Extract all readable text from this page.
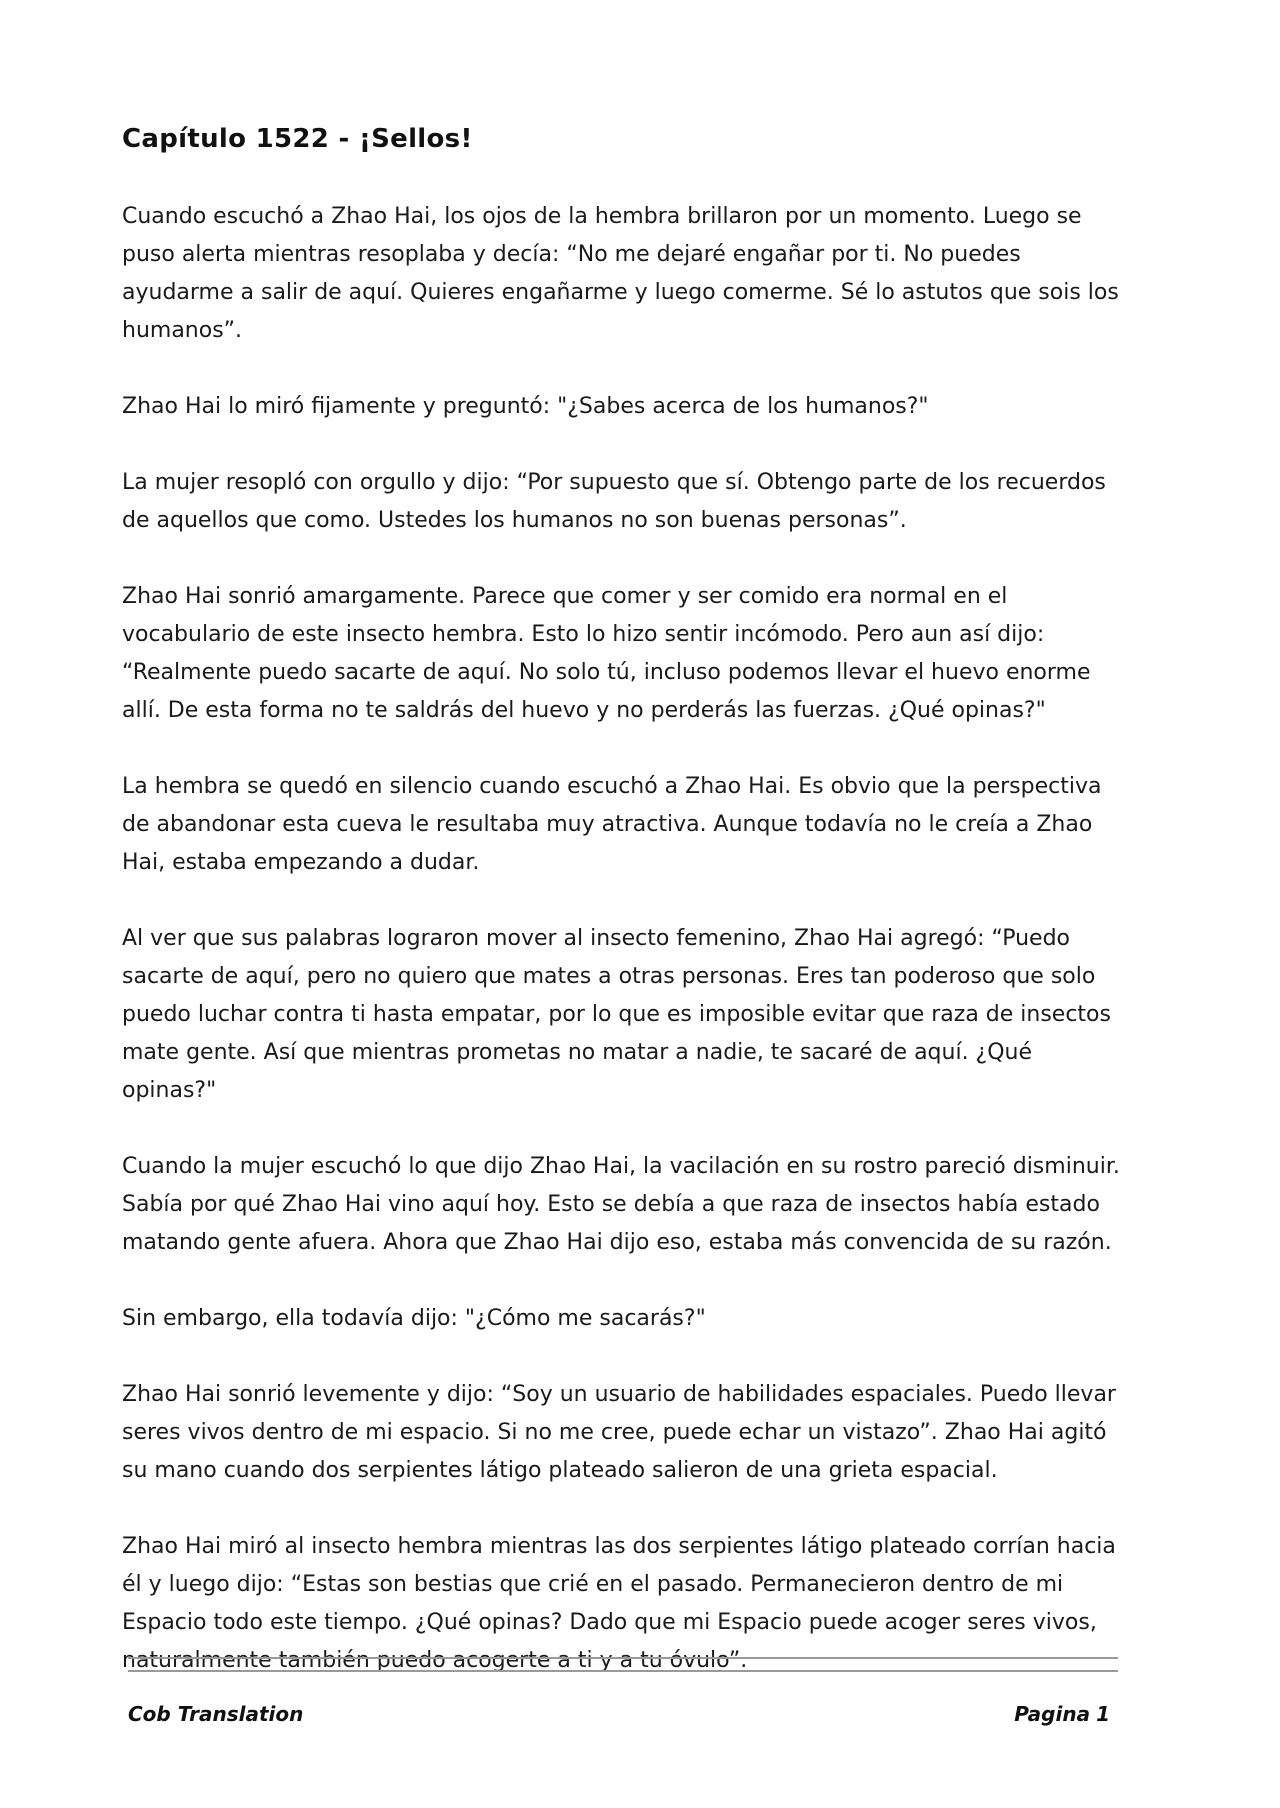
Capítulo 1522 - ¡Sellos!

Cuando escuchó a Zhao Hai, los ojos de la hembra brillaron por un momento. Luego se puso alerta mientras resoplaba y decía: “No me dejaré engañar por ti. No puedes ayudarme a salir de aquí. Quieres engañarme y luego comerme. Sé lo astutos que sois los humanos”.

Zhao Hai lo miró fijamente y preguntó: "¿Sabes acerca de los humanos?"

La mujer resopló con orgullo y dijo: “Por supuesto que sí. Obtengo parte de los recuerdos de aquellos que como. Ustedes los humanos no son buenas personas”.

Zhao Hai sonrió amargamente. Parece que comer y ser comido era normal en el vocabulario de este insecto hembra. Esto lo hizo sentir incómodo. Pero aun así dijo: “Realmente puedo sacarte de aquí. No solo tú, incluso podemos llevar el huevo enorme allí. De esta forma no te saldrás del huevo y no perderás las fuerzas. ¿Qué opinas?"

La hembra se quedó en silencio cuando escuchó a Zhao Hai. Es obvio que la perspectiva de abandonar esta cueva le resultaba muy atractiva. Aunque todavía no le creía a Zhao Hai, estaba empezando a dudar.

Al ver que sus palabras lograron mover al insecto femenino, Zhao Hai agregó: “Puedo sacarte de aquí, pero no quiero que mates a otras personas. Eres tan poderoso que solo puedo luchar contra ti hasta empatar, por lo que es imposible evitar que raza de insectos mate gente. Así que mientras prometas no matar a nadie, te sacaré de aquí. ¿Qué opinas?"

Cuando la mujer escuchó lo que dijo Zhao Hai, la vacilación en su rostro pareció disminuir. Sabía por qué Zhao Hai vino aquí hoy. Esto se debía a que raza de insectos había estado matando gente afuera. Ahora que Zhao Hai dijo eso, estaba más convencida de su razón.

Sin embargo, ella todavía dijo: "¿Cómo me sacarás?"

Zhao Hai sonrió levemente y dijo: “Soy un usuario de habilidades espaciales. Puedo llevar seres vivos dentro de mi espacio. Si no me cree, puede echar un vistazo”. Zhao Hai agitó su mano cuando dos serpientes látigo plateado salieron de una grieta espacial.

Zhao Hai miró al insecto hembra mientras las dos serpientes látigo plateado corrían hacia él y luego dijo: “Estas son bestias que crié en el pasado. Permanecieron dentro de mi Espacio todo este tiempo. ¿Qué opinas? Dado que mi Espacio puede acoger seres vivos, naturalmente también puedo acogerte a ti y a tu óvulo”.

Cob Translation	Pagina 1
